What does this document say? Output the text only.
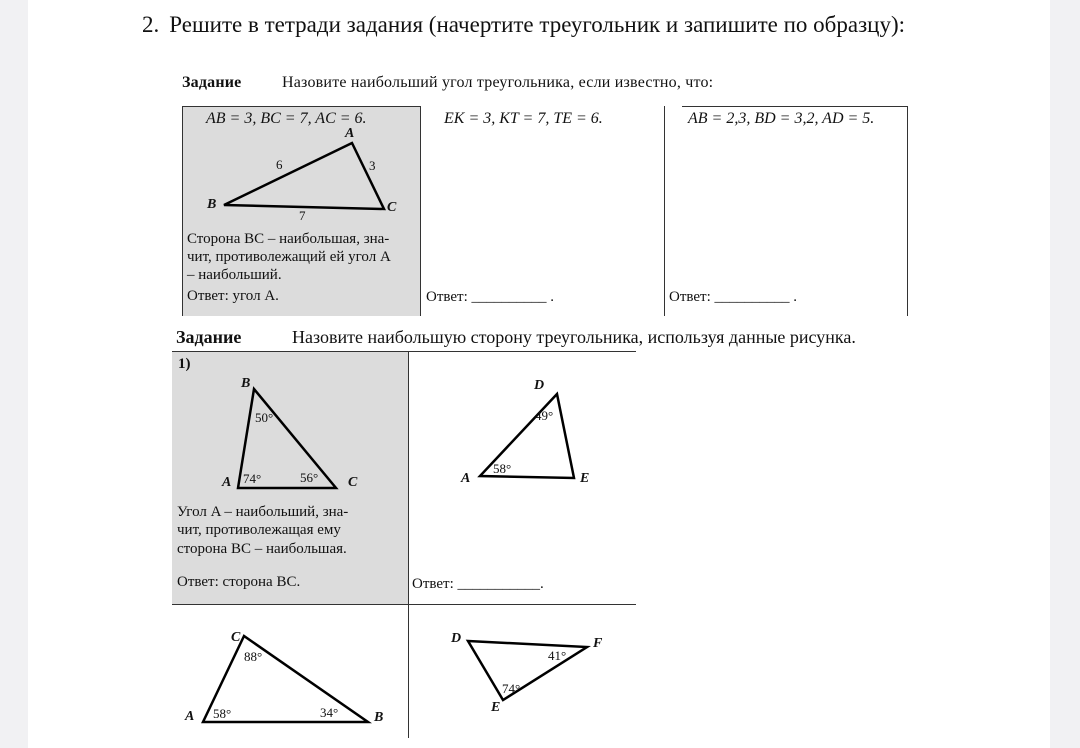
2. Решите в тетради задания (начертите треугольник и запишите по образцу):
Задание	Назовите наибольший угол треугольника, если известно, что:
AB = 3, BC = 7, AC = 6.
A
B	C
6	3
7
Сторона BC – наибольшая, зна-
чит, противолежащий ей угол A
– наибольший.
Ответ: угол A.
EK = 3, KT = 7, TE = 6.
Ответ: __________ .
AB = 2,3, BD = 3,2, AD = 5.
Ответ: __________ .
Задание	Назовите наибольшую сторону треугольника, используя данные рисунка.
1)
B
A	C
50°
74°	56°
Угол A – наибольший, зна-
чит, противолежащая ему
сторона BC – наибольшая.
Ответ: сторона BC.
D
A	E
49°
58°
Ответ: ___________.
C
A	B
88°
58°	34°
D	F
E
41°
74°
